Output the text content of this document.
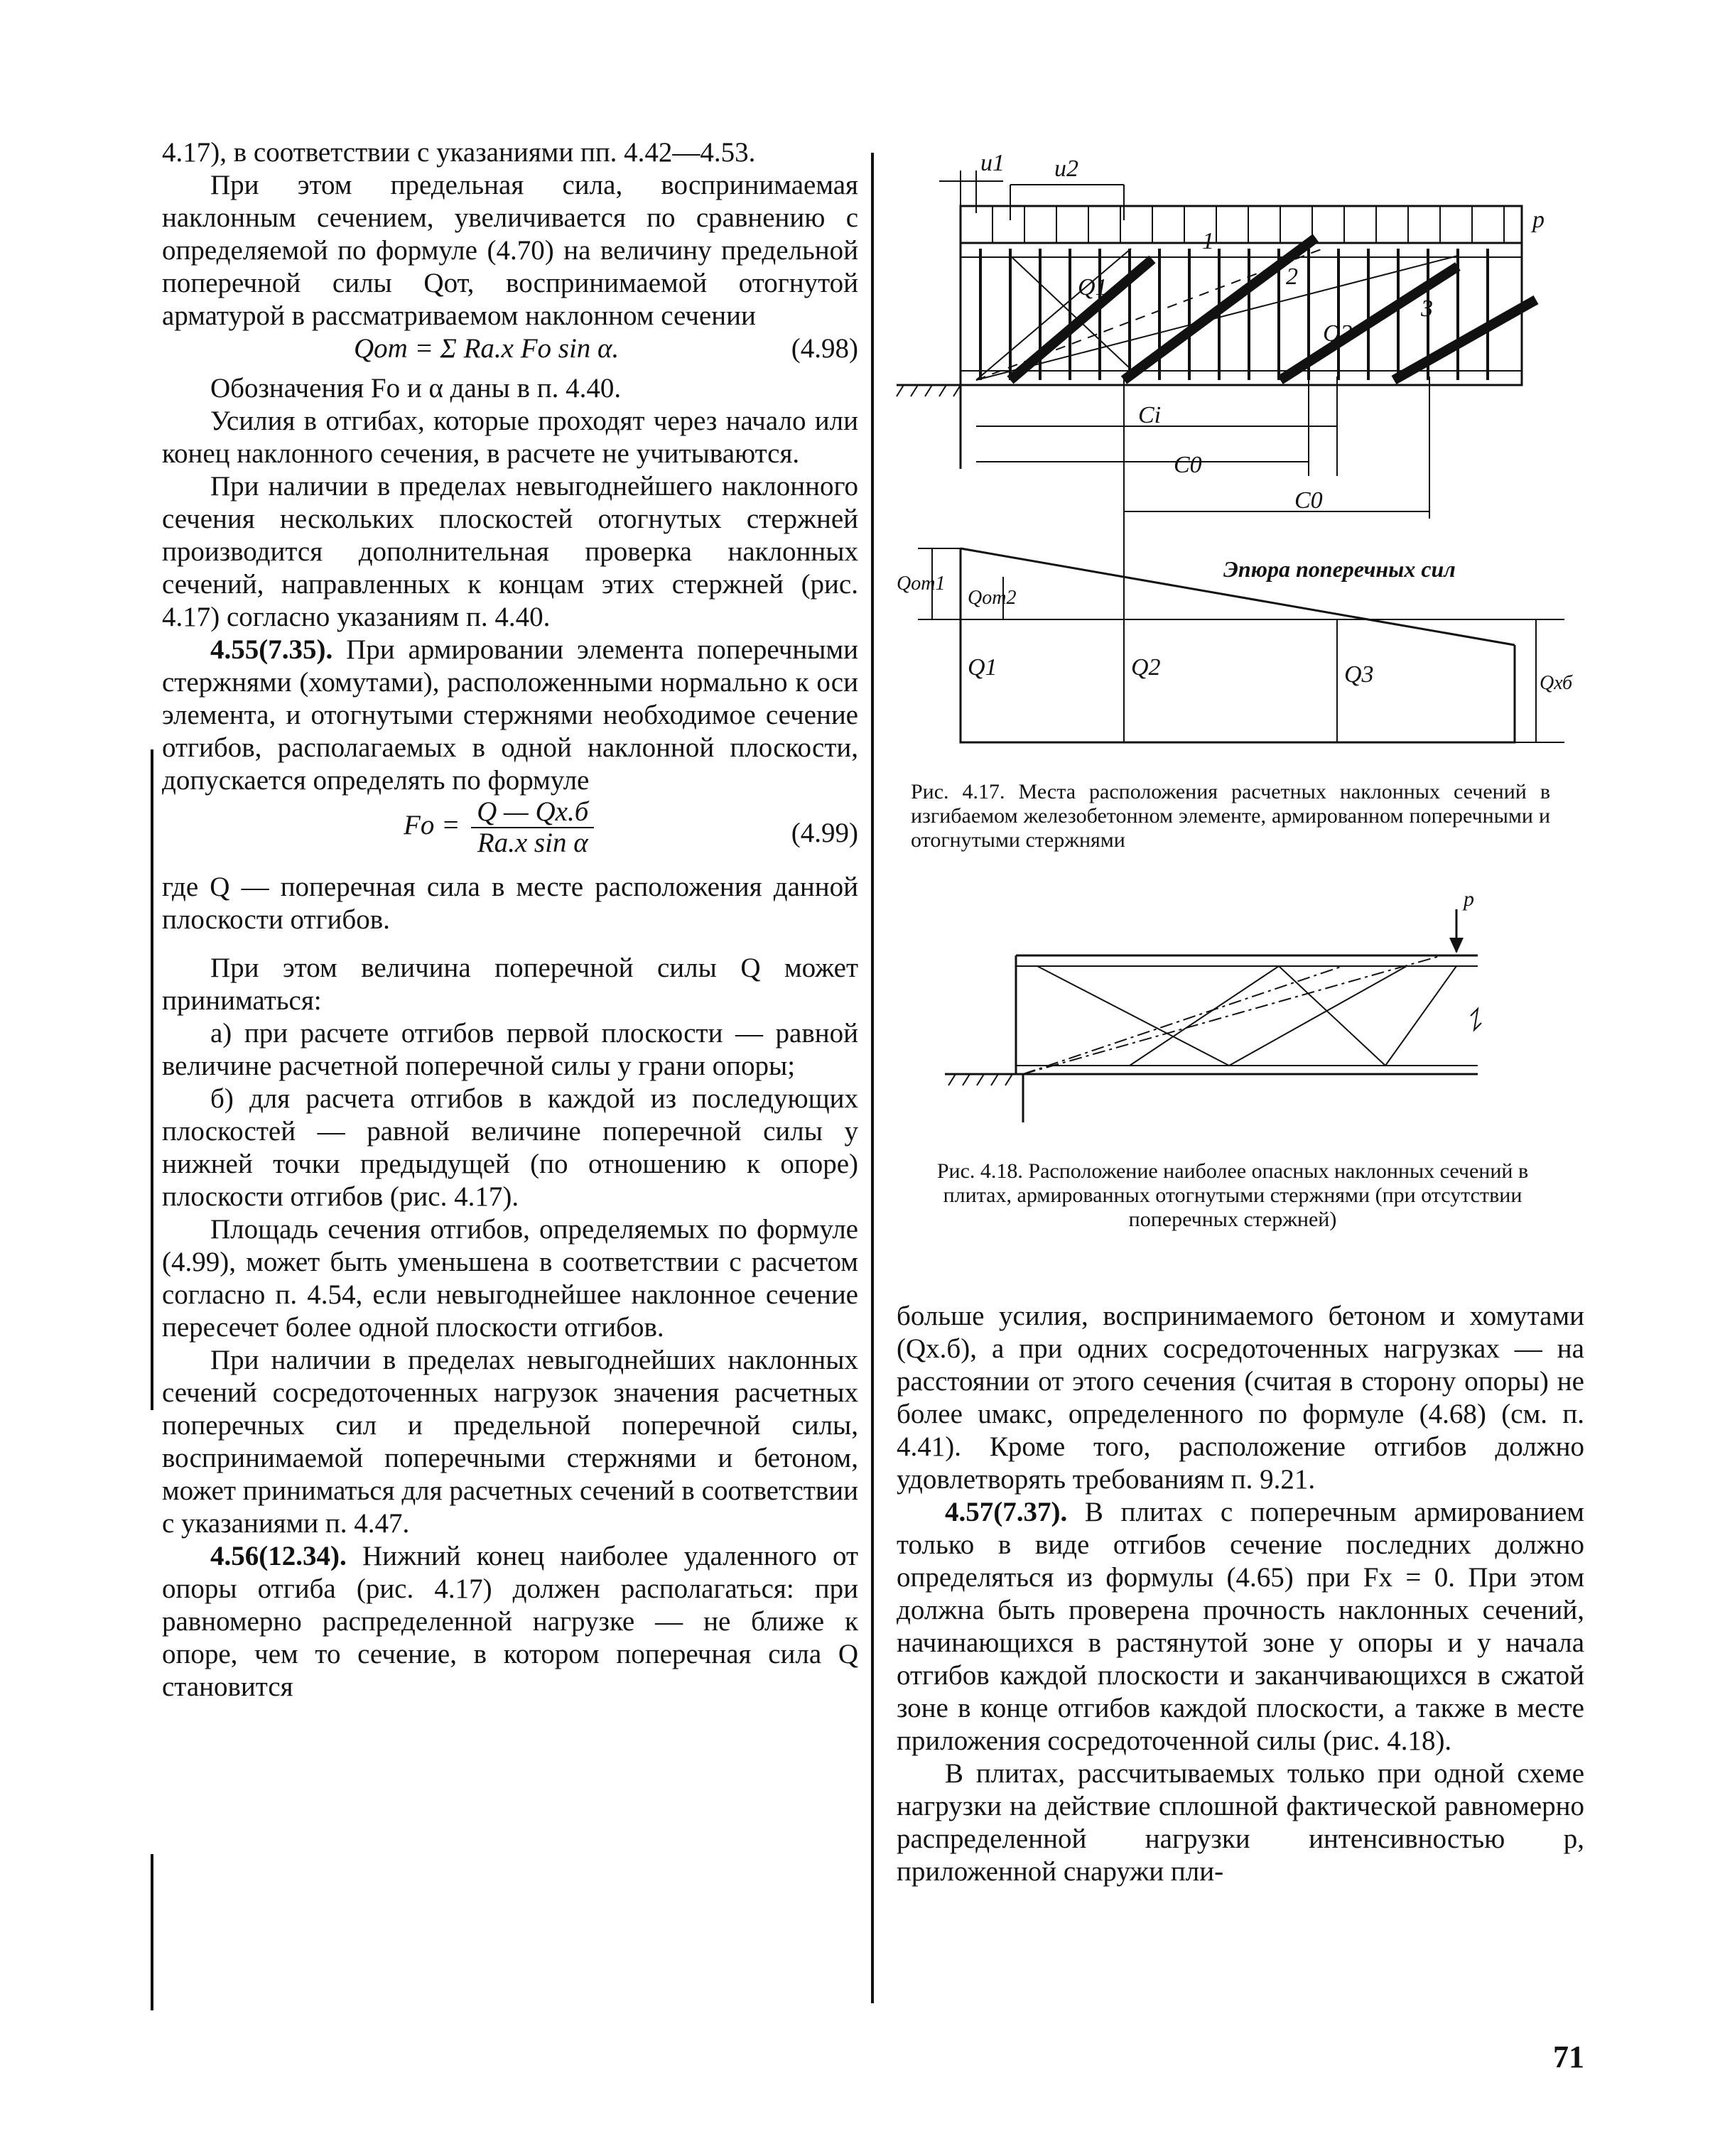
4.17), в соответствии с указаниями пп. 4.42—4.53.

При этом предельная сила, воспринимаемая наклонным сечением, увеличивается по сравнению с определяемой по формуле (4.70) на величину предельной поперечной силы Qот, воспринимаемой отогнутой арматурой в рассматриваемом наклонном сечении

Qот = Σ Ra.x Fo sin α.	(4.98)

Обозначения Fо и α даны в п. 4.40.

Усилия в отгибах, которые проходят через начало или конец наклонного сечения, в расчете не учитываются.

При наличии в пределах невыгоднейшего наклонного сечения нескольких плоскостей отогнутых стержней производится дополнительная проверка наклонных сечений, направленных к концам этих стержней (рис. 4.17) согласно указаниям п. 4.40.

4.55(7.35). При армировании элемента поперечными стержнями (хомутами), расположенными нормально к оси элемента, и отогнутыми стержнями необходимое сечение отгибов, располагаемых в одной наклонной плоскости, допускается определять по формуле

Fо = $\frac{Q — Qх.б}{\text{Ra.x sin α}}$	(4.99)

где Q — поперечная сила в месте расположения данной плоскости отгибов.

При этом величина поперечной силы Q может приниматься:

а) при расчете отгибов первой плоскости — равной величине расчетной поперечной силы у грани опоры;

б) для расчета отгибов в каждой из последующих плоскостей — равной величине поперечной силы у нижней точки предыдущей (по отношению к опоре) плоскости отгибов (рис. 4.17).

Площадь сечения отгибов, определяемых по формуле (4.99), может быть уменьшена в соответствии с расчетом согласно п. 4.54, если невыгоднейшее наклонное сечение пересечет более одной плоскости отгибов.

При наличии в пределах невыгоднейших наклонных сечений сосредоточенных нагрузок значения расчетных поперечных сил и предельной поперечной силы, воспринимаемой поперечными стержнями и бетоном, может приниматься для расчетных сечений в соответствии с указаниями п. 4.47.

4.56(12.34). Нижний конец наиболее удаленного от опоры отгиба (рис. 4.17) должен располагаться: при равномерно распределенной нагрузке — не ближе к опоре, чем то сечение, в котором поперечная сила Q становится

u1 u2
p
1
2
3
Q1
Q2
Ci
C0
C0
Эпюра поперечных сил
Qот1
Qот2
Q1	Q2	Q3	Qхб
Рис. 4.17. Места расположения расчетных наклонных сечений в изгибаемом железобетонном элементе, армированном поперечными и отогнутыми стержнями
p
Рис. 4.18. Расположение наиболее опасных наклонных сечений в плитах, армированных отогнутыми стержнями (при отсутствии поперечных стержней)

больше усилия, воспринимаемого бетоном и хомутами (Qх.б), а при одних сосредоточенных нагрузках — на расстоянии от этого сечения (считая в сторону опоры) не более uмакс, определенного по формуле (4.68) (см. п. 4.41). Кроме того, расположение отгибов должно удовлетворять требованиям п. 9.21.

4.57(7.37). В плитах с поперечным армированием только в виде отгибов сечение последних должно определяться из формулы (4.65) при Fх = 0. При этом должна быть проверена прочность наклонных сечений, начинающихся в растянутой зоне у опоры и у начала отгибов каждой плоскости и заканчивающихся в сжатой зоне в конце отгибов каждой плоскости, а также в месте приложения сосредоточенной силы (рис. 4.18).

В плитах, рассчитываемых только при одной схеме нагрузки на действие сплошной фактической равномерно распределенной нагрузки интенсивностью p, приложенной снаружи пли-

71
